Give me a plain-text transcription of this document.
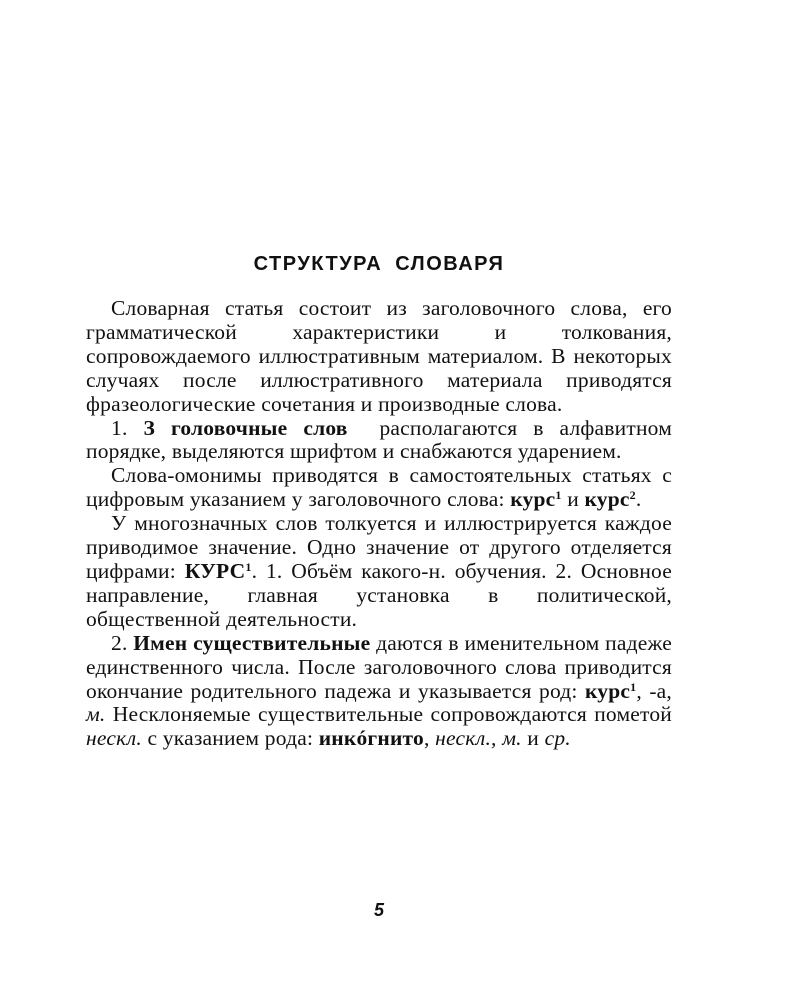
СТРУКТУРА СЛОВАРЯ

Словарная статья состоит из заголовочного слова, его грамматической характеристики и толкования, сопровождаемого иллюстративным материалом. В некоторых случаях после иллюстративного материала приводятся фразеологические сочетания и производные слова.

1. З головочные слов располагаются в алфавитном порядке, выделяются шрифтом и снабжаются ударением.

Слова-омонимы приводятся в самостоятельных статьях с цифровым указанием у заголовочного слова: курс$^1$ и курс$^2$.

У многозначных слов толкуется и иллюстрируется каждое приводимое значение. Одно значение от другого отделяется цифрами: КУРС$^1$. 1. Объём какого-н. обучения. 2. Основное направление, главная установка в политической, общественной деятельности.

2. Имен существительные даются в именительном падеже единственного числа. После заголовочного слова приводится окончание родительного падежа и указывается род: курс$^1$, -а, м. Несклоняемые существительные сопровождаются пометой нескл. с указанием рода: инкóгнито, нескл., м. и ср.

5
